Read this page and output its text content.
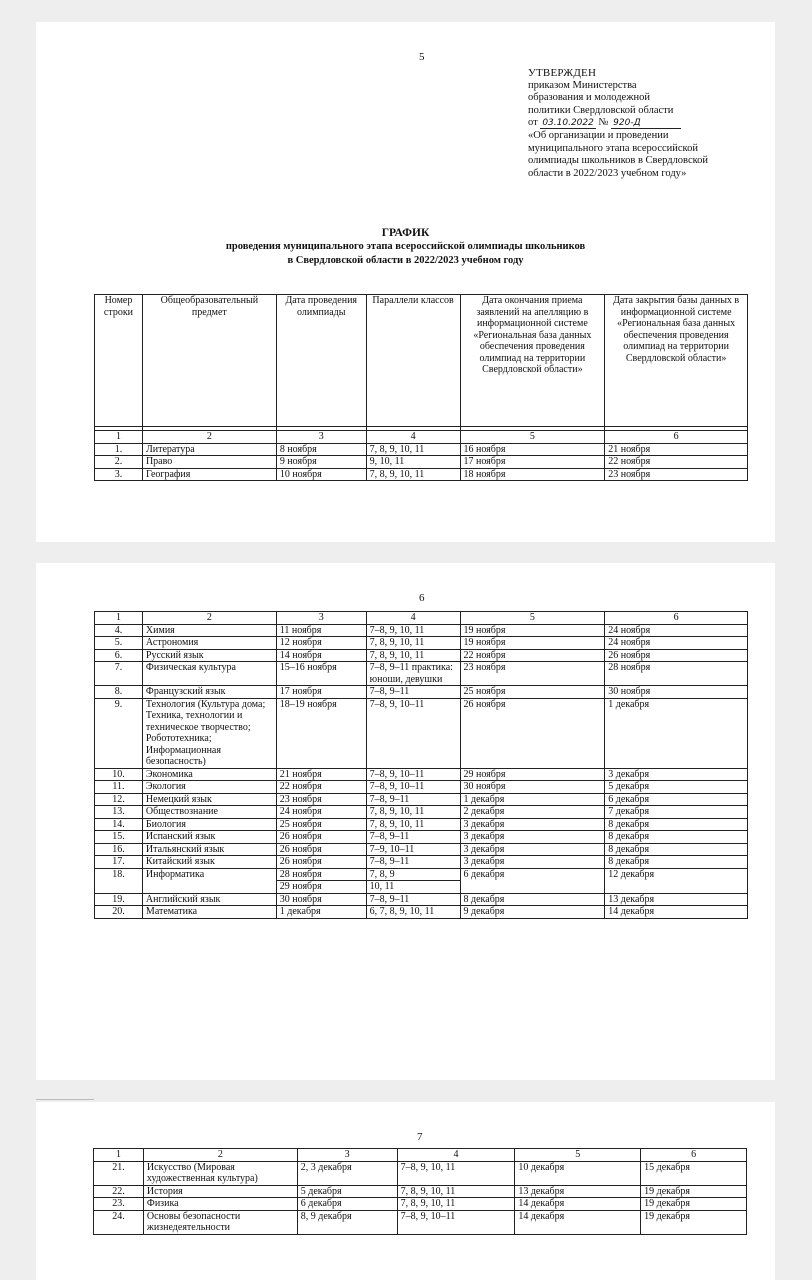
5
УТВЕРЖДЕН
приказом Министерства
образования и молодежной
политики Свердловской области
от 03.10.2022 № 920-Д
«Об организации и проведении
муниципального этапа всероссийской
олимпиады школьников в Свердловской
области в 2022/2023 учебном году»
ГРАФИК
проведения муниципального этапа всероссийской олимпиады школьников
в Свердловской области в 2022/2023 учебном году
Номер строки	Общеобразовательный предмет	Дата проведения олимпиады	Параллели классов	Дата окончания приема заявлений на апелляцию в информационной системе «Региональная база данных обеспечения проведения олимпиад на территории Свердловской области»	Дата закрытия базы данных в информационной системе «Региональная база данных обеспечения проведения олимпиад на территории Свердловской области»

1	2	3	4	5	6
1.	Литература	8 ноября	7, 8, 9, 10, 11	16 ноября	21 ноября
2.	Право	9 ноября	9, 10, 11	17 ноября	22 ноября
3.	География	10 ноября	7, 8, 9, 10, 11	18 ноября	23 ноября
6
1	2	3	4	5	6
4.	Химия	11 ноября	7–8, 9, 10, 11	19 ноября	24 ноября
5.	Астрономия	12 ноября	7, 8, 9, 10, 11	19 ноября	24 ноября
6.	Русский язык	14 ноября	7, 8, 9, 10, 11	22 ноября	26 ноября
7.	Физическая культура	15–16 ноября	7–8, 9–11 практика: юноши, девушки	23 ноября	28 ноября
8.	Французский язык	17 ноября	7–8, 9–11	25 ноября	30 ноября
9.	Технология (Культура дома; Техника, технологии и техническое творчество; Робототехника; Информационная безопасность)	18–19 ноября	7–8, 9, 10–11	26 ноября	1 декабря
10.	Экономика	21 ноября	7–8, 9, 10–11	29 ноября	3 декабря
11.	Экология	22 ноября	7–8, 9, 10–11	30 ноября	5 декабря
12.	Немецкий язык	23 ноября	7–8, 9–11	1 декабря	6 декабря
13.	Обществознание	24 ноября	7, 8, 9, 10, 11	2 декабря	7 декабря
14.	Биология	25 ноября	7, 8, 9, 10, 11	3 декабря	8 декабря
15.	Испанский язык	26 ноября	7–8, 9–11	3 декабря	8 декабря
16.	Итальянский язык	26 ноября	7–9, 10–11	3 декабря	8 декабря
17.	Китайский язык	26 ноября	7–8, 9–11	3 декабря	8 декабря
18.	Информатика	28 ноября	7, 8, 9	6 декабря	12 декабря
		29 ноября	10, 11		
19.	Английский язык	30 ноября	7–8, 9–11	8 декабря	13 декабря
20.	Математика	1 декабря	6, 7, 8, 9, 10, 11	9 декабря	14 декабря
7
1	2	3	4	5	6
21.	Искусство (Мировая художественная культура)	2, 3 декабря	7–8, 9, 10, 11	10 декабря	15 декабря
22.	История	5 декабря	7, 8, 9, 10, 11	13 декабря	19 декабря
23.	Физика	6 декабря	7, 8, 9, 10, 11	14 декабря	19 декабря
24.	Основы безопасности жизнедеятельности	8, 9 декабря	7–8, 9, 10–11	14 декабря	19 декабря
